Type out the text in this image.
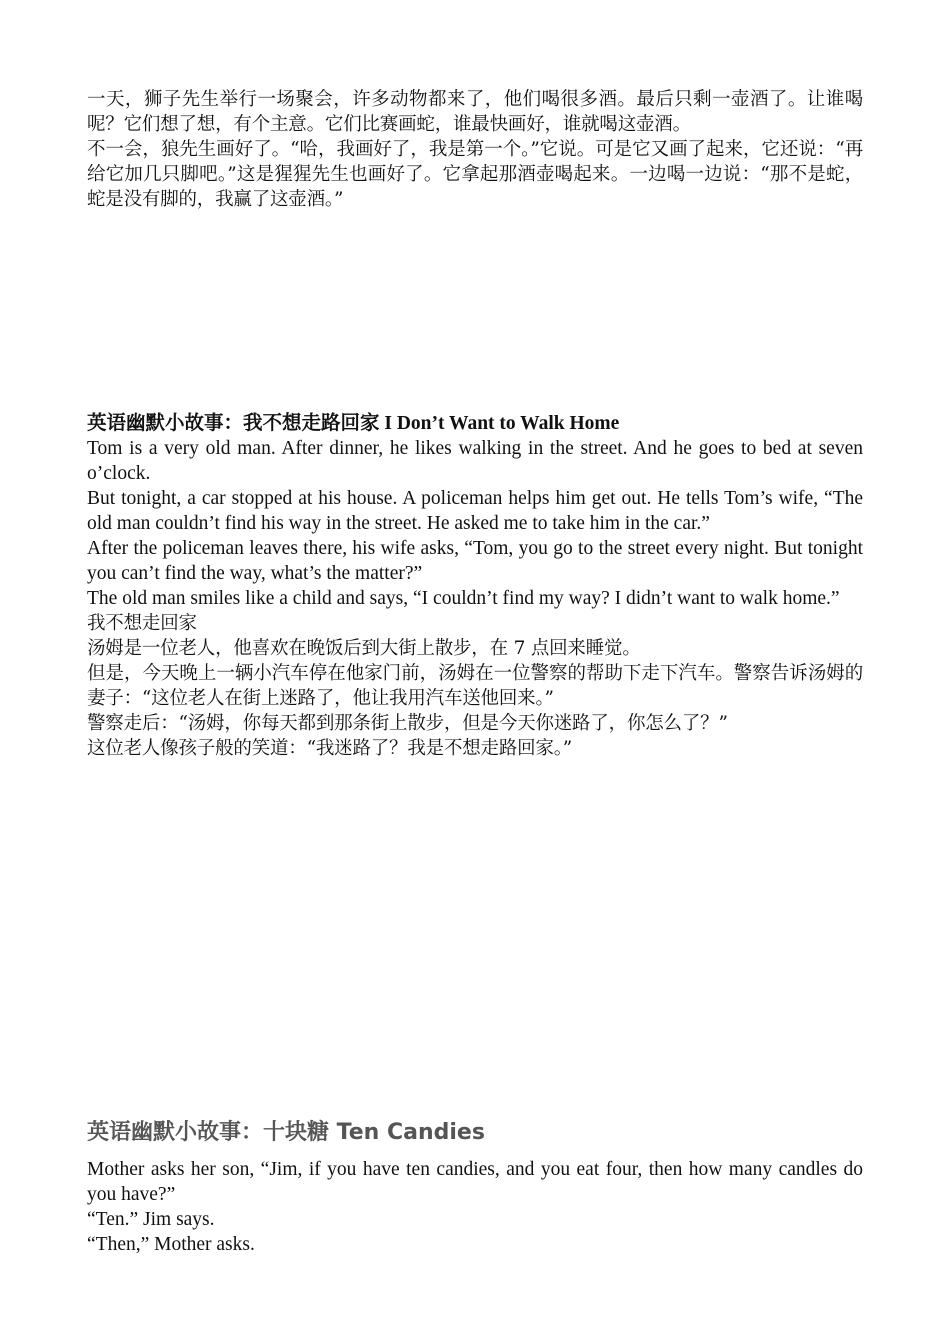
一天，狮子先生举行一场聚会，许多动物都来了，他们喝很多酒。最后只剩一壶酒了。让谁喝呢？它们想了想，有个主意。它们比赛画蛇，谁最快画好，谁就喝这壶酒。

不一会，狼先生画好了。“哈，我画好了，我是第一个。”它说。可是它又画了起来，它还说：“再给它加几只脚吧。”这是猩猩先生也画好了。它拿起那酒壶喝起来。一边喝一边说：“那不是蛇，蛇是没有脚的，我赢了这壶酒。”

英语幽默小故事：我不想走路回家 I Don’t Want to Walk Home

Tom is a very old man. After dinner, he likes walking in the street. And he goes to bed at seven o’clock.

But tonight, a car stopped at his house. A policeman helps him get out. He tells Tom’s wife, “The old man couldn’t find his way in the street. He asked me to take him in the car.”

After the policeman leaves there, his wife asks, “Tom, you go to the street every night. But tonight you can’t find the way, what’s the matter?”

The old man smiles like a child and says, “I couldn’t find my way? I didn’t want to walk home.”

我不想走回家

汤姆是一位老人，他喜欢在晚饭后到大街上散步，在 7 点回来睡觉。

但是，今天晚上一辆小汽车停在他家门前，汤姆在一位警察的帮助下走下汽车。警察告诉汤姆的妻子：“这位老人在街上迷路了，他让我用汽车送他回来。”

警察走后：“汤姆，你每天都到那条街上散步，但是今天你迷路了，你怎么了？”

这位老人像孩子般的笑道：“我迷路了？我是不想走路回家。”

英语幽默小故事：十块糖 Ten Candies

Mother asks her son, “Jim, if you have ten candies, and you eat four, then how many candles do you have?”

“Ten.” Jim says.

“Then,” Mother asks.
